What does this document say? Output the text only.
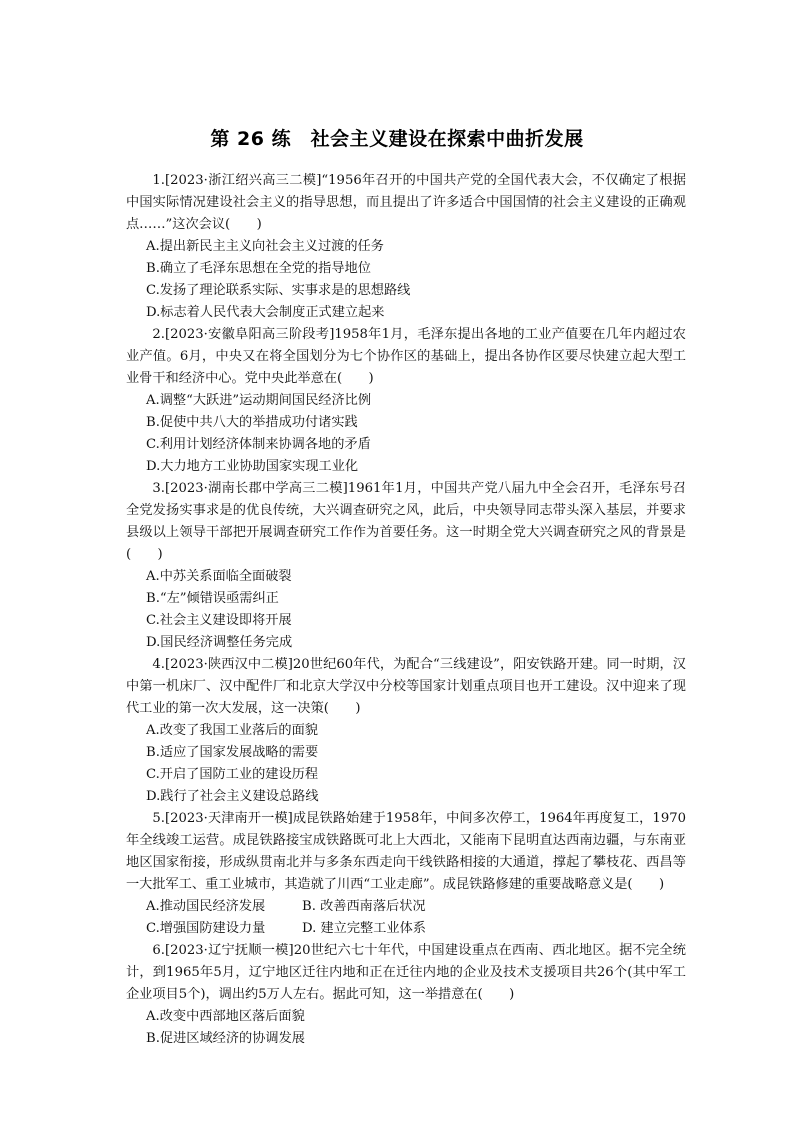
第 26 练　社会主义建设在探索中曲折发展

1.[2023·浙江绍兴高三二模]“1956年召开的中国共产党的全国代表大会，不仅确定了根据中国实际情况建设社会主义的指导思想，而且提出了许多适合中国国情的社会主义建设的正确观点……”这次会议(　　)

A.提出新民主主义向社会主义过渡的任务

B.确立了毛泽东思想在全党的指导地位

C.发扬了理论联系实际、实事求是的思想路线

D.标志着人民代表大会制度正式建立起来

2.[2023·安徽阜阳高三阶段考]1958年1月，毛泽东提出各地的工业产值要在几年内超过农业产值。6月，中央又在将全国划分为七个协作区的基础上，提出各协作区要尽快建立起大型工业骨干和经济中心。党中央此举意在(　　)

A.调整“大跃进”运动期间国民经济比例

B.促使中共八大的举措成功付诸实践

C.利用计划经济体制来协调各地的矛盾

D.大力地方工业协助国家实现工业化

3.[2023·湖南长郡中学高三二模]1961年1月，中国共产党八届九中全会召开，毛泽东号召全党发扬实事求是的优良传统，大兴调查研究之风，此后，中央领导同志带头深入基层，并要求县级以上领导干部把开展调查研究工作作为首要任务。这一时期全党大兴调查研究之风的背景是(　　)

A.中苏关系面临全面破裂

B.“左”倾错误亟需纠正

C.社会主义建设即将开展

D.国民经济调整任务完成

4.[2023·陕西汉中二模]20世纪60年代，为配合“三线建设”，阳安铁路开建。同一时期，汉中第一机床厂、汉中配件厂和北京大学汉中分校等国家计划重点项目也开工建设。汉中迎来了现代工业的第一次大发展，这一决策(　　)

A.改变了我国工业落后的面貌

B.适应了国家发展战略的需要

C.开启了国防工业的建设历程

D.践行了社会主义建设总路线

5.[2023·天津南开一模]成昆铁路始建于1958年，中间多次停工，1964年再度复工，1970年全线竣工运营。成昆铁路接宝成铁路既可北上大西北，又能南下昆明直达西南边疆，与东南亚地区国家衔接，形成纵贯南北并与多条东西走向干线铁路相接的大通道，撑起了攀枝花、西昌等一大批军工、重工业城市，其造就了川西“工业走廊”。成昆铁路修建的重要战略意义是(　　)

A.推动国民经济发展	B. 改善西南落后状况
C.增强国防建设力量	D. 建立完整工业体系

6.[2023·辽宁抚顺一模]20世纪六七十年代，中国建设重点在西南、西北地区。据不完全统计，到1965年5月，辽宁地区迁往内地和正在迁往内地的企业及技术支援项目共26个(其中军工企业项目5个)，调出约5万人左右。据此可知，这一举措意在(　　)

A.改变中西部地区落后面貌

B.促进区域经济的协调发展
